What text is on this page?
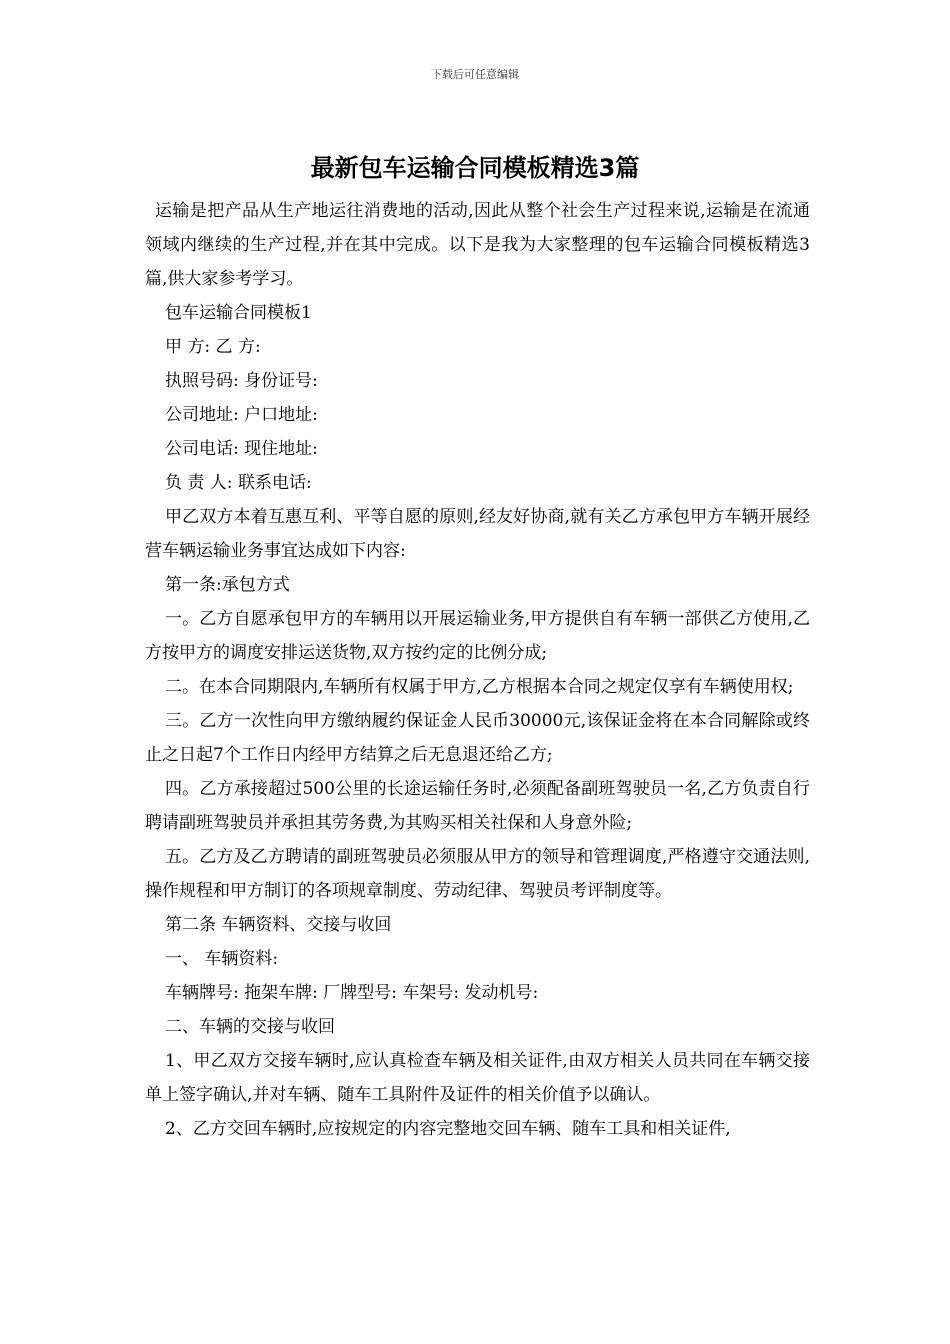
下载后可任意编辑
最新包车运输合同模板精选3篇

运输是把产品从生产地运往消费地的活动,因此从整个社会生产过程来说,运输是在流通领域内继续的生产过程,并在其中完成。以下是我为大家整理的包车运输合同模板精选3篇,供大家参考学习。

包车运输合同模板1

甲 方: 乙 方:

执照号码: 身份证号:

公司地址: 户口地址:

公司电话: 现住地址:

负 责 人: 联系电话:

甲乙双方本着互惠互利、平等自愿的原则,经友好协商,就有关乙方承包甲方车辆开展经营车辆运输业务事宜达成如下内容:

第一条:承包方式

一。乙方自愿承包甲方的车辆用以开展运输业务,甲方提供自有车辆一部供乙方使用,乙方按甲方的调度安排运送货物,双方按约定的比例分成;

二。在本合同期限内,车辆所有权属于甲方,乙方根据本合同之规定仅享有车辆使用权;

三。乙方一次性向甲方缴纳履约保证金人民币30000元,该保证金将在本合同解除或终止之日起7个工作日内经甲方结算之后无息退还给乙方;

四。乙方承接超过500公里的长途运输任务时,必须配备副班驾驶员一名,乙方负责自行聘请副班驾驶员并承担其劳务费,为其购买相关社保和人身意外险;

五。乙方及乙方聘请的副班驾驶员必须服从甲方的领导和管理调度,严格遵守交通法则,操作规程和甲方制订的各项规章制度、劳动纪律、驾驶员考评制度等。

第二条 车辆资料、交接与收回

一、 车辆资料:

车辆牌号: 拖架车牌: 厂牌型号: 车架号: 发动机号:

二、车辆的交接与收回

1、甲乙双方交接车辆时,应认真检查车辆及相关证件,由双方相关人员共同在车辆交接单上签字确认,并对车辆、随车工具附件及证件的相关价值予以确认。

2、乙方交回车辆时,应按规定的内容完整地交回车辆、随车工具和相关证件,
